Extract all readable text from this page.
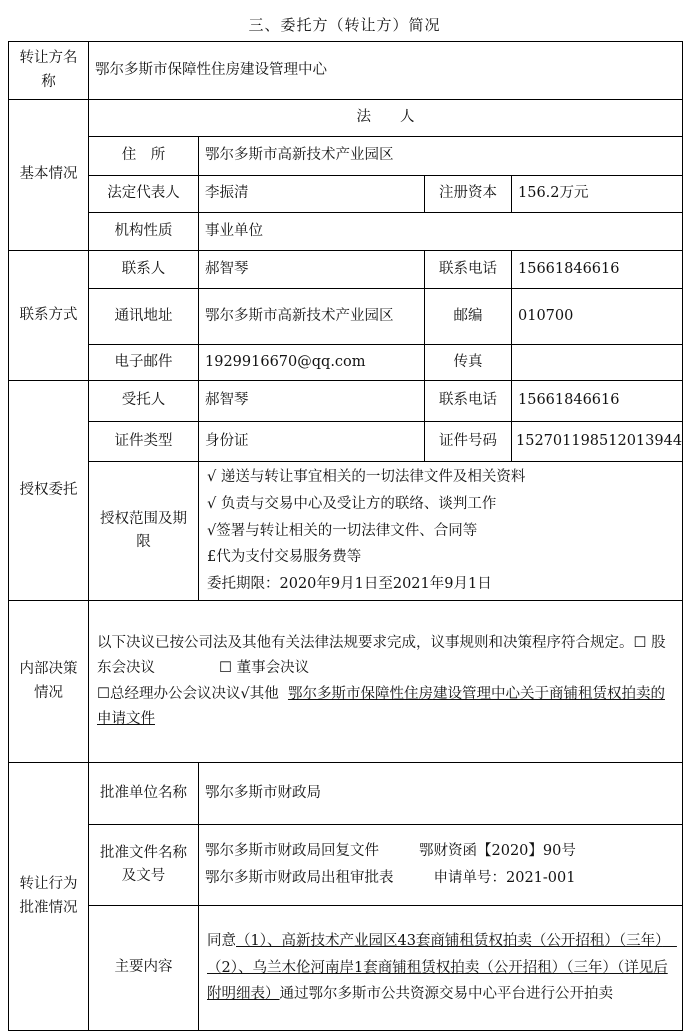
三、委托方（转让方）简况
转让方名称	鄂尔多斯市保障性住房建设管理中心			
基本情况	法　　人			
	住　所	鄂尔多斯市高新技术产业园区		
	法定代表人	李振清	注册资本	156.2万元
	机构性质	事业单位		
联系方式	联系人	郝智琴	联系电话	15661846616
	通讯地址	鄂尔多斯市高新技术产业园区	邮编	010700
	电子邮件	1929916670@qq.com	传真	
授权委托	受托人	郝智琴	联系电话	15661846616
	证件类型	身份证	证件号码	152701198512013944
	授权范围及期限	√ 递送与转让事宜相关的一切法律文件及相关资料
√ 负责与交易中心及受让方的联络、谈判工作
√签署与转让相关的一切法律文件、合同等
£代为支付交易服务费等
委托期限：2020年9月1日至2021年9月1日		

内部决策情况	以下决议已按公司法及其他有关法律法规要求完成，议事规则和决策程序符合规定。☐ 股东会决议 ☐ 董事会决议
☐总经理办公会议决议√其他 鄂尔多斯市保障性住房建设管理中心关于商铺租赁权拍卖的申请文件			
转让行为批准情况	批准单位名称	鄂尔多斯市财政局		
	批准文件名称及文号	鄂尔多斯市财政局回复文件 鄂财资函【2020】90号
鄂尔多斯市财政局出租审批表 申请单号：2021-001		

	主要内容	同意（1）、高新技术产业园区43套商铺租赁权拍卖（公开招租）（三年）　（2）、乌兰木伦河南岸1套商铺租赁权拍卖（公开招租）（三年）（详见后附明细表）通过鄂尔多斯市公共资源交易中心平台进行公开拍卖		
